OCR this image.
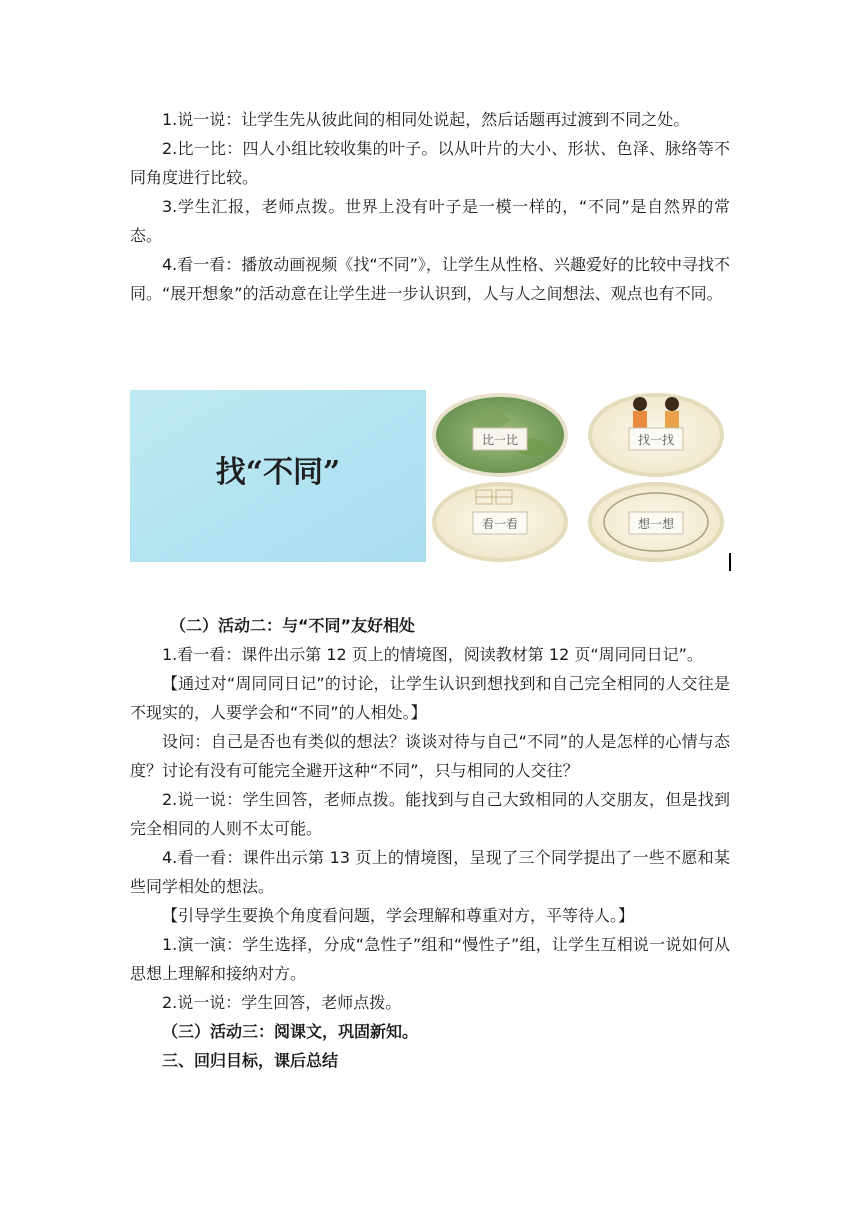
1.说一说：让学生先从彼此间的相同处说起，然后话题再过渡到不同之处。

2.比一比：四人小组比较收集的叶子。以从叶片的大小、形状、色泽、脉络等不同角度进行比较。

3.学生汇报，老师点拨。世界上没有叶子是一模一样的，“不同”是自然界的常态。

4.看一看：播放动画视频《找“不同”》，让学生从性格、兴趣爱好的比较中寻找不同。“展开想象”的活动意在让学生进一步认识到，人与人之间想法、观点也有不同。

找“不同”
比一比	找一找
看一看	想一想

（二）活动二：与“不同”友好相处

1.看一看：课件出示第 12 页上的情境图，阅读教材第 12 页“周同同日记”。

【通过对“周同同日记”的讨论，让学生认识到想找到和自己完全相同的人交往是不现实的，人要学会和“不同”的人相处。】

设问：自己是否也有类似的想法？谈谈对待与自己“不同”的人是怎样的心情与态度？讨论有没有可能完全避开这种“不同”，只与相同的人交往？

2.说一说：学生回答，老师点拨。能找到与自己大致相同的人交朋友，但是找到完全相同的人则不太可能。

4.看一看：课件出示第 13 页上的情境图，呈现了三个同学提出了一些不愿和某些同学相处的想法。

【引导学生要换个角度看问题，学会理解和尊重对方，平等待人。】

1.演一演：学生选择，分成“急性子”组和“慢性子”组，让学生互相说一说如何从思想上理解和接纳对方。

2.说一说：学生回答，老师点拨。

（三）活动三：阅课文，巩固新知。

三、回归目标，课后总结
